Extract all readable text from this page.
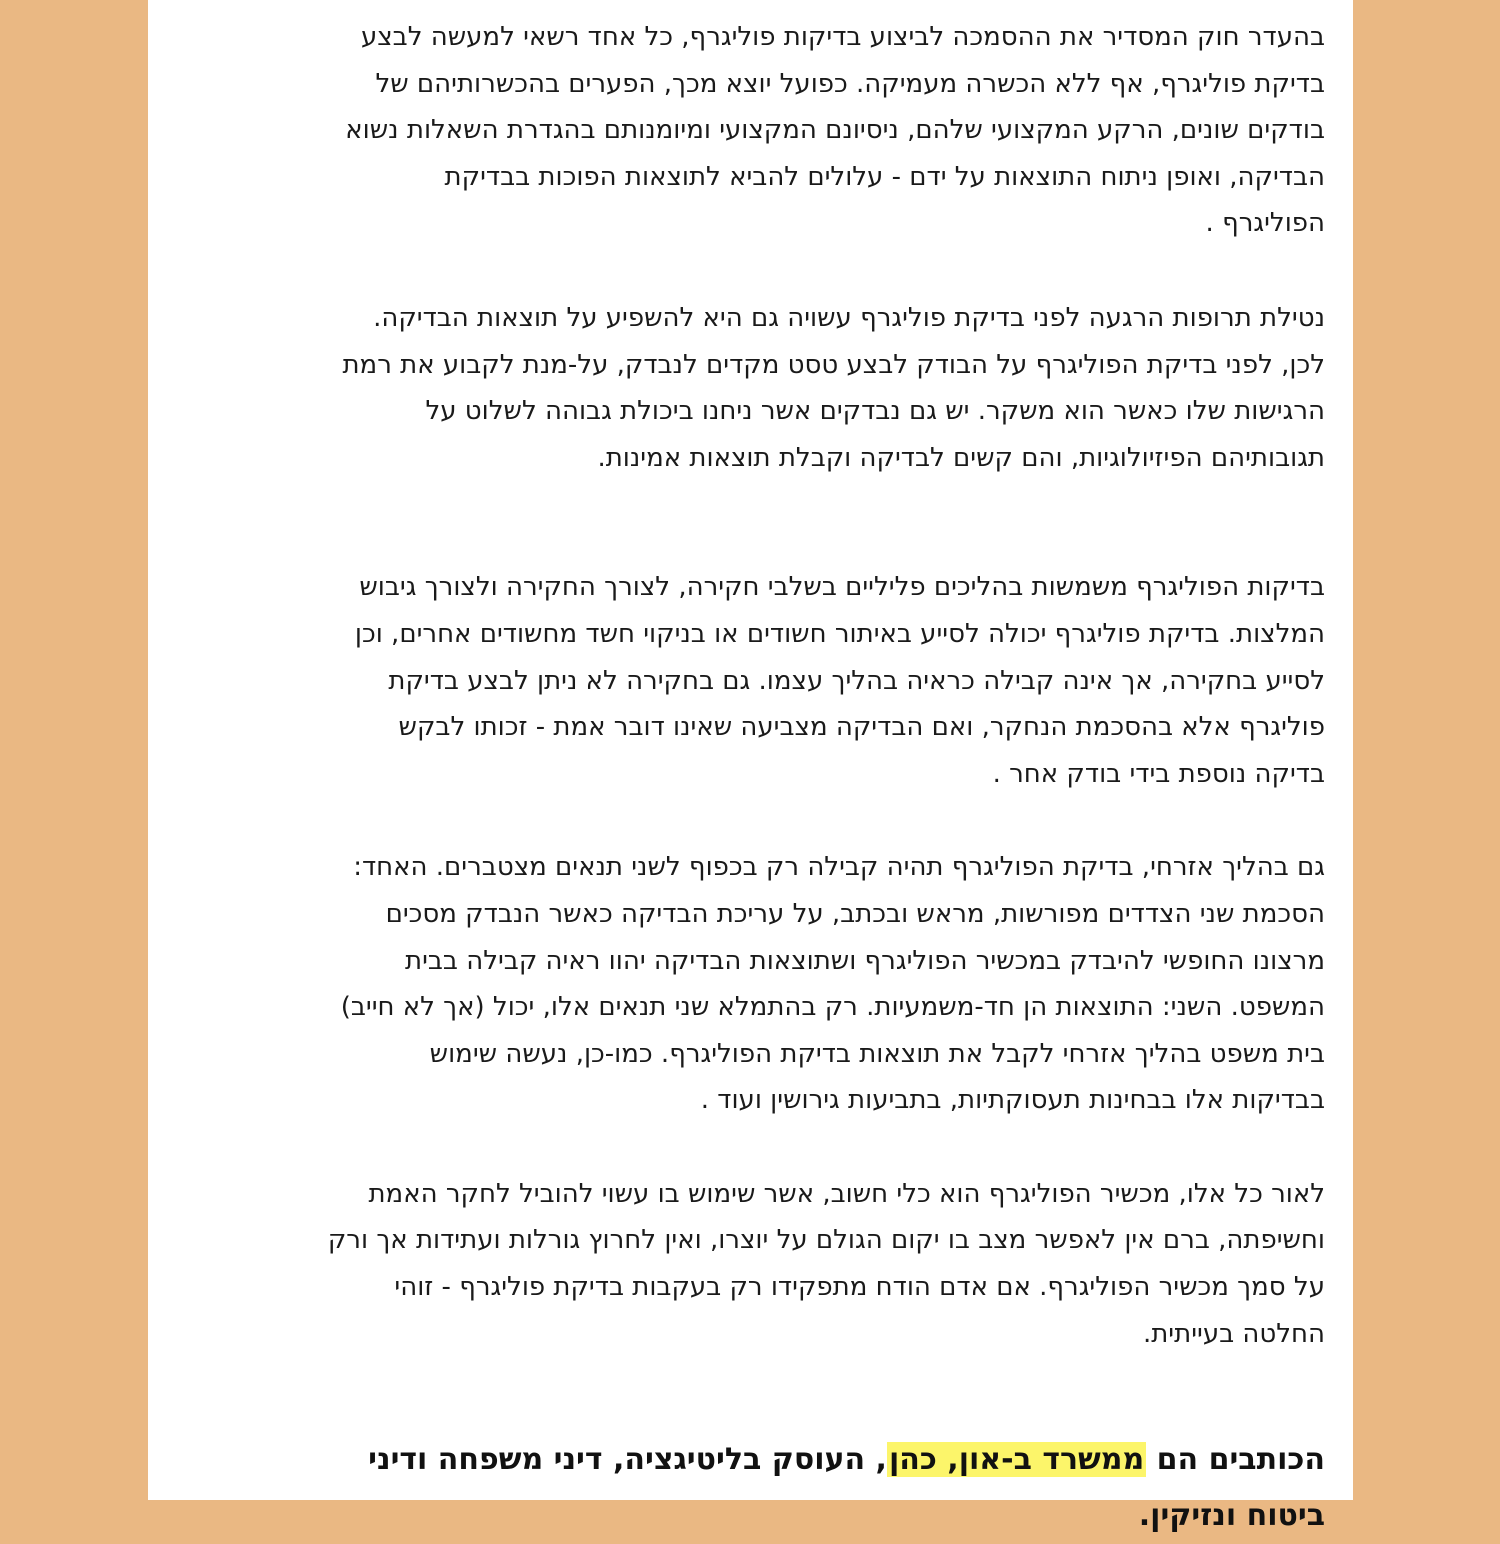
בהעדר חוק המסדיר את ההסמכה לביצוע בדיקות פוליגרף, כל אחד רשאי למעשה לבצע
בדיקת פוליגרף, אף ללא הכשרה מעמיקה. כפועל יוצא מכך, הפערים בהכשרותיהם של
בודקים שונים, הרקע המקצועי שלהם, ניסיונם המקצועי ומיומנותם בהגדרת השאלות נשוא
הבדיקה, ואופן ניתוח התוצאות על ידם - עלולים להביא לתוצאות הפוכות בבדיקת
הפוליגרף .

נטילת תרופות הרגעה לפני בדיקת פוליגרף עשויה גם היא להשפיע על תוצאות הבדיקה.
לכן, לפני בדיקת הפוליגרף על הבודק לבצע טסט מקדים לנבדק, על-מנת לקבוע את רמת
הרגישות שלו כאשר הוא משקר. יש גם נבדקים אשר ניחנו ביכולת גבוהה לשלוט על
תגובותיהם הפיזיולוגיות, והם קשים לבדיקה וקבלת תוצאות אמינות.

בדיקות הפוליגרף משמשות בהליכים פליליים בשלבי חקירה, לצורך החקירה ולצורך גיבוש
המלצות. בדיקת פוליגרף יכולה לסייע באיתור חשודים או בניקוי חשד מחשודים אחרים, וכן
לסייע בחקירה, אך אינה קבילה כראיה בהליך עצמו. גם בחקירה לא ניתן לבצע בדיקת
פוליגרף אלא בהסכמת הנחקר, ואם הבדיקה מצביעה שאינו דובר אמת - זכותו לבקש
בדיקה נוספת בידי בודק אחר .

גם בהליך אזרחי, בדיקת הפוליגרף תהיה קבילה רק בכפוף לשני תנאים מצטברים. האחד:
הסכמת שני הצדדים מפורשות, מראש ובכתב, על עריכת הבדיקה כאשר הנבדק מסכים
מרצונו החופשי להיבדק במכשיר הפוליגרף ושתוצאות הבדיקה יהוו ראיה קבילה בבית
המשפט. השני: התוצאות הן חד-משמעיות. רק בהתמלא שני תנאים אלו, יכול (אך לא חייב)
בית משפט בהליך אזרחי לקבל את תוצאות בדיקת הפוליגרף. כמו-כן, נעשה שימוש
בבדיקות אלו בבחינות תעסוקתיות, בתביעות גירושין ועוד .

לאור כל אלו, מכשיר הפוליגרף הוא כלי חשוב, אשר שימוש בו עשוי להוביל לחקר האמת
וחשיפתה, ברם אין לאפשר מצב בו יקום הגולם על יוצרו, ואין לחרוץ גורלות ועתידות אך ורק
על סמך מכשיר הפוליגרף. אם אדם הודח מתפקידו רק בעקבות בדיקת פוליגרף - זוהי
החלטה בעייתית.

הכותבים הם ממשרד ב-און, כהן, העוסק בליטיגציה, דיני משפחה ודיני
ביטוח ונזיקין.
